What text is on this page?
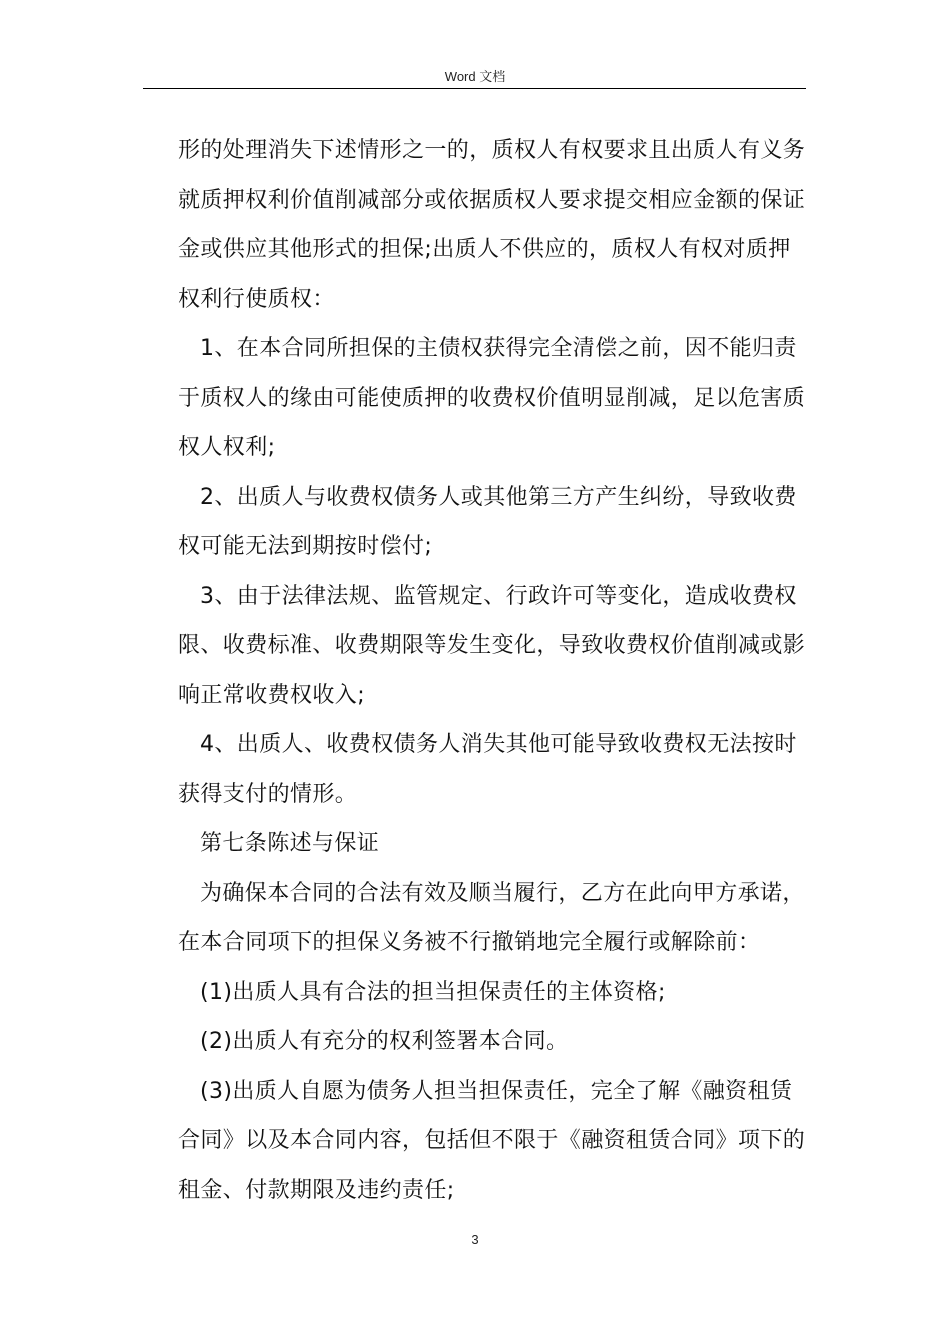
Word 文档

形的处理消失下述情形之一的，质权人有权要求且出质人有义务就质押权利价值削减部分或依据质权人要求提交相应金额的保证金或供应其他形式的担保;出质人不供应的，质权人有权对质押权利行使质权：

1、在本合同所担保的主债权获得完全清偿之前，因不能归责于质权人的缘由可能使质押的收费权价值明显削减，足以危害质权人权利;

2、出质人与收费权债务人或其他第三方产生纠纷，导致收费权可能无法到期按时偿付;

3、由于法律法规、监管规定、行政许可等变化，造成收费权限、收费标准、收费期限等发生变化，导致收费权价值削减或影响正常收费权收入;

4、出质人、收费权债务人消失其他可能导致收费权无法按时获得支付的情形。

第七条陈述与保证

为确保本合同的合法有效及顺当履行，乙方在此向甲方承诺，在本合同项下的担保义务被不行撤销地完全履行或解除前：

(1)出质人具有合法的担当担保责任的主体资格;

(2)出质人有充分的权利签署本合同。

(3)出质人自愿为债务人担当担保责任，完全了解《融资租赁合同》以及本合同内容，包括但不限于《融资租赁合同》项下的租金、付款期限及违约责任;

3
